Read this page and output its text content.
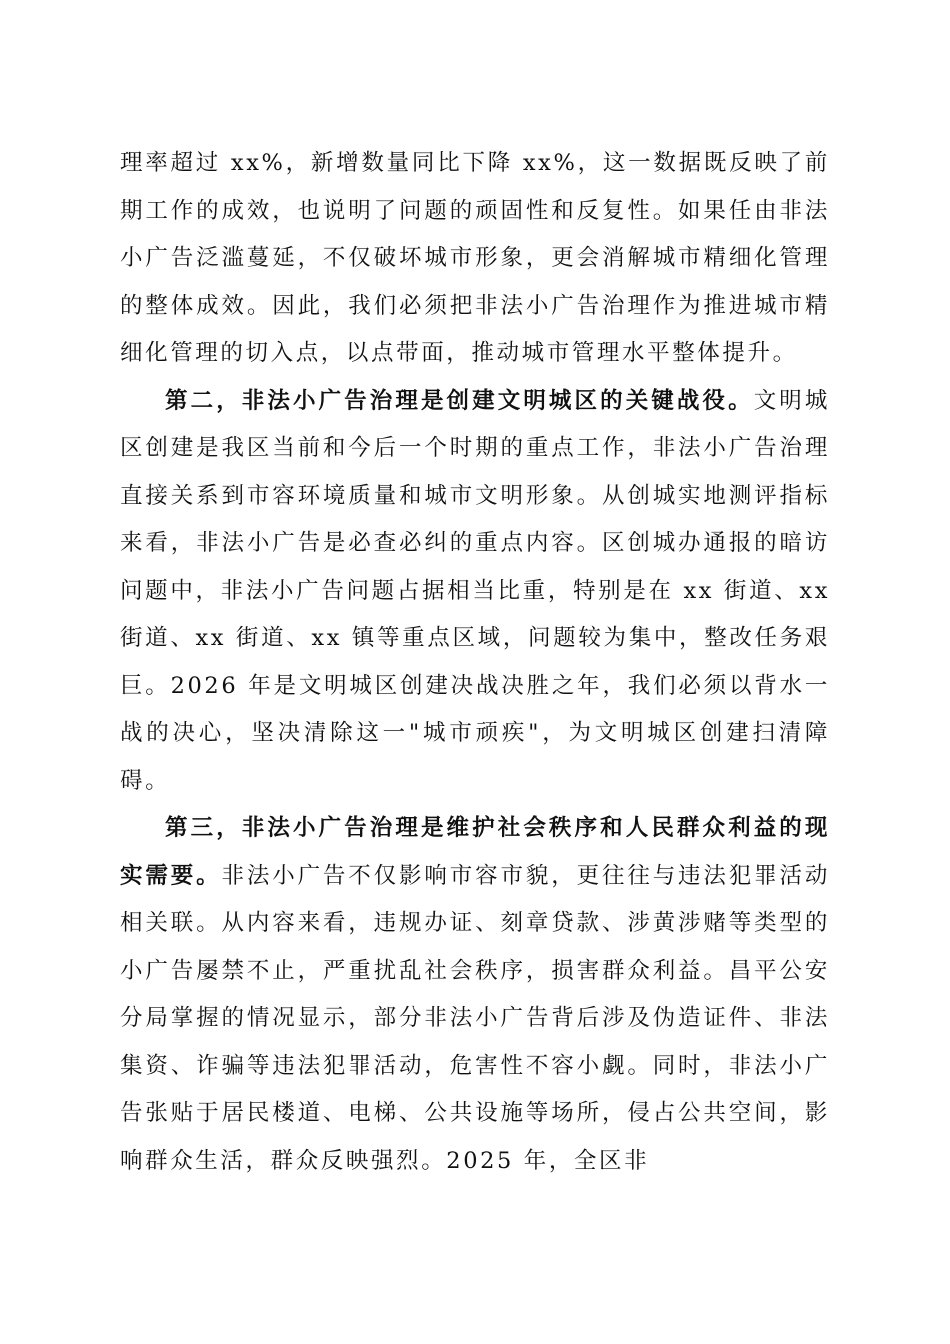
理率超过 xx%，新增数量同比下降 xx%，这一数据既反映了前期工作的成效，也说明了问题的顽固性和反复性。如果任由非法小广告泛滥蔓延，不仅破坏城市形象，更会消解城市精细化管理的整体成效。因此，我们必须把非法小广告治理作为推进城市精细化管理的切入点，以点带面，推动城市管理水平整体提升。

第二，非法小广告治理是创建文明城区的关键战役。文明城区创建是我区当前和今后一个时期的重点工作，非法小广告治理直接关系到市容环境质量和城市文明形象。从创城实地测评指标来看，非法小广告是必查必纠的重点内容。区创城办通报的暗访问题中，非法小广告问题占据相当比重，特别是在 xx 街道、xx 街道、xx 街道、xx 镇等重点区域，问题较为集中，整改任务艰巨。2026 年是文明城区创建决战决胜之年，我们必须以背水一战的决心，坚决清除这一"城市顽疾"，为文明城区创建扫清障碍。

第三，非法小广告治理是维护社会秩序和人民群众利益的现实需要。非法小广告不仅影响市容市貌，更往往与违法犯罪活动相关联。从内容来看，违规办证、刻章贷款、涉黄涉赌等类型的小广告屡禁不止，严重扰乱社会秩序，损害群众利益。昌平公安分局掌握的情况显示，部分非法小广告背后涉及伪造证件、非法集资、诈骗等违法犯罪活动，危害性不容小觑。同时，非法小广告张贴于居民楼道、电梯、公共设施等场所，侵占公共空间，影响群众生活，群众反映强烈。2025 年，全区非
